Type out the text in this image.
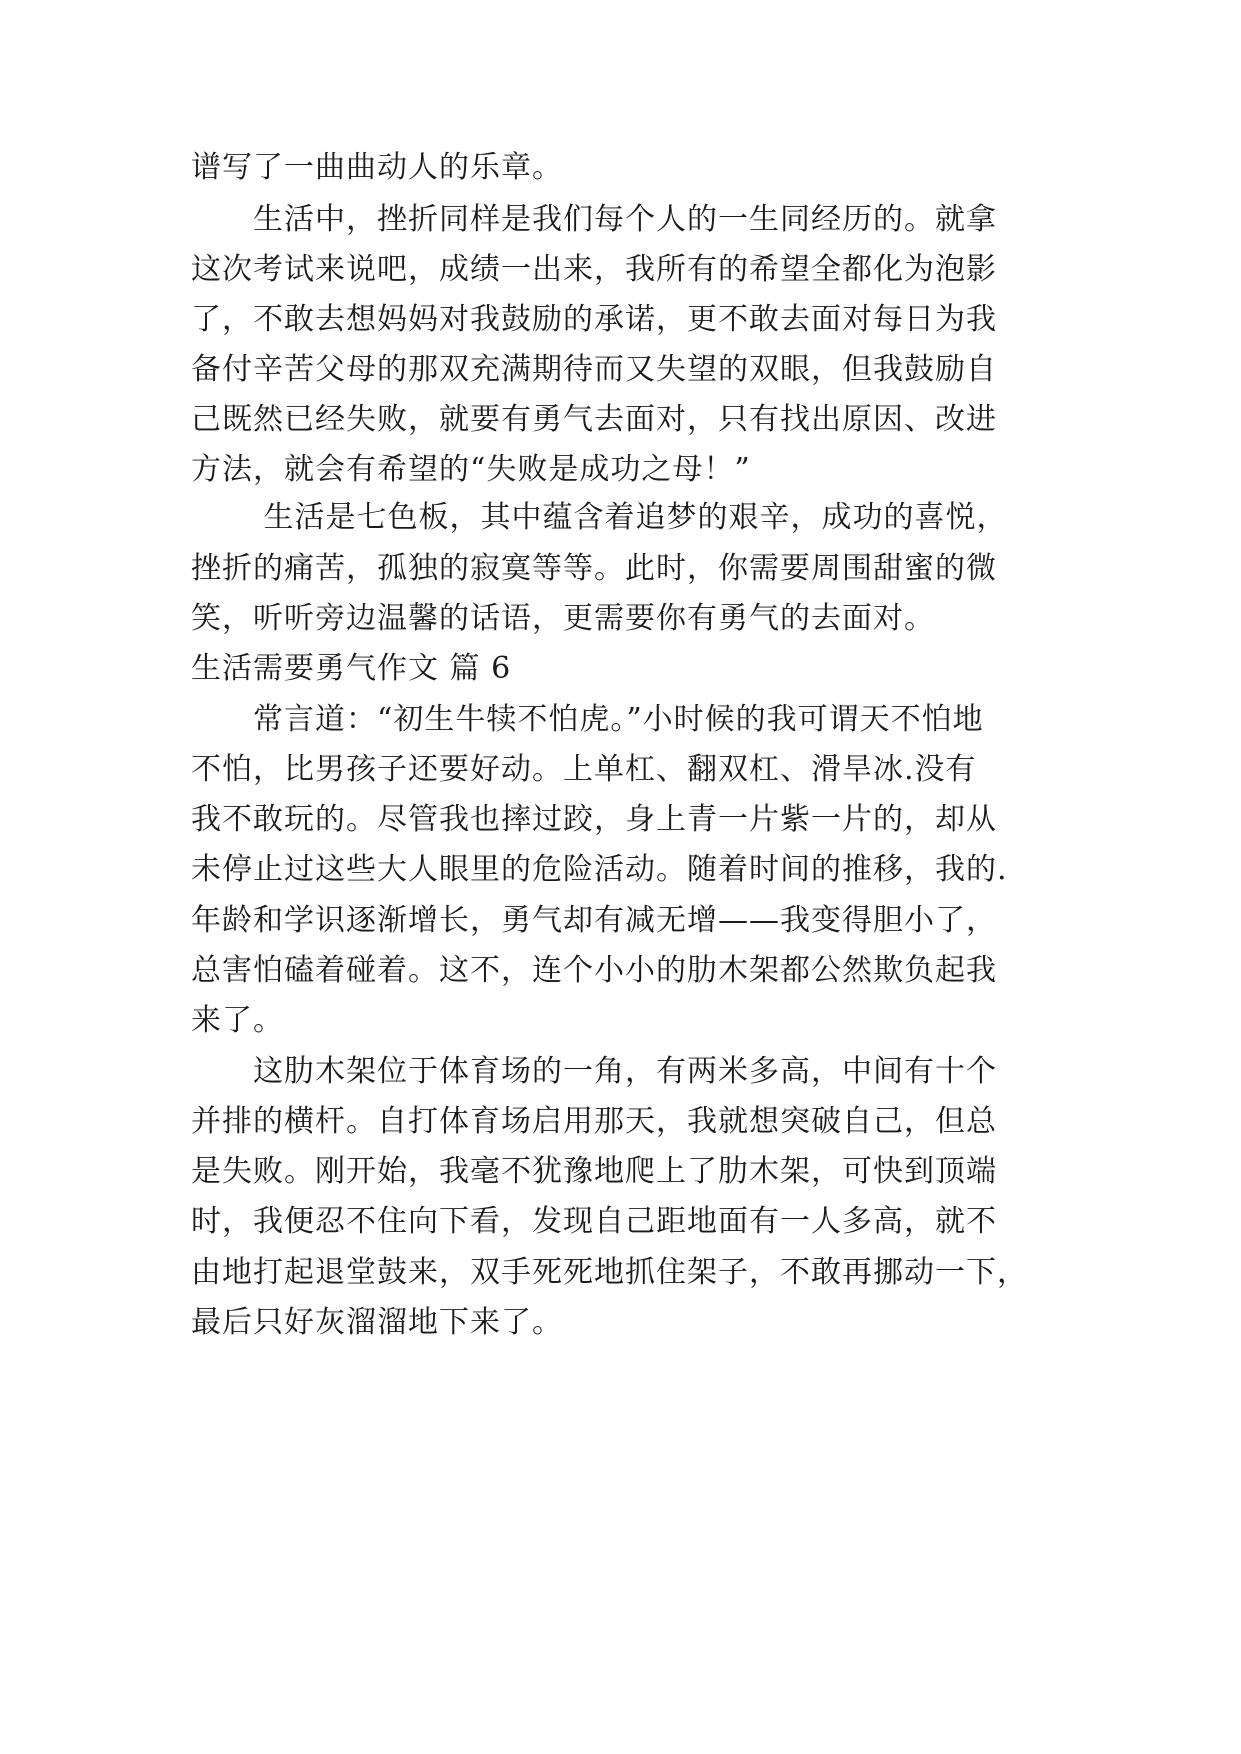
谱写了一曲曲动人的乐章。
　　生活中，挫折同样是我们每个人的一生同经历的。就拿
这次考试来说吧，成绩一出来，我所有的希望全都化为泡影
了，不敢去想妈妈对我鼓励的承诺，更不敢去面对每日为我
备付辛苦父母的那双充满期待而又失望的双眼，但我鼓励自
己既然已经失败，就要有勇气去面对，只有找出原因、改进
方法，就会有希望的“失败是成功之母！”
　　 生活是七色板，其中蕴含着追梦的艰辛，成功的喜悦，
挫折的痛苦，孤独的寂寞等等。此时，你需要周围甜蜜的微
笑，听听旁边温馨的话语，更需要你有勇气的去面对。
生活需要勇气作文 篇 6
　　常言道：“初生牛犊不怕虎。”小时候的我可谓天不怕地
不怕，比男孩子还要好动。上单杠、翻双杠、滑旱冰.没有
我不敢玩的。尽管我也摔过跤，身上青一片紫一片的，却从
未停止过这些大人眼里的危险活动。随着时间的推移，我的.
年龄和学识逐渐增长，勇气却有减无增——我变得胆小了，
总害怕磕着碰着。这不，连个小小的肋木架都公然欺负起我
来了。
　　这肋木架位于体育场的一角，有两米多高，中间有十个
并排的横杆。自打体育场启用那天，我就想突破自己，但总
是失败。刚开始，我毫不犹豫地爬上了肋木架，可快到顶端
时，我便忍不住向下看，发现自己距地面有一人多高，就不
由地打起退堂鼓来，双手死死地抓住架子，不敢再挪动一下，
最后只好灰溜溜地下来了。
